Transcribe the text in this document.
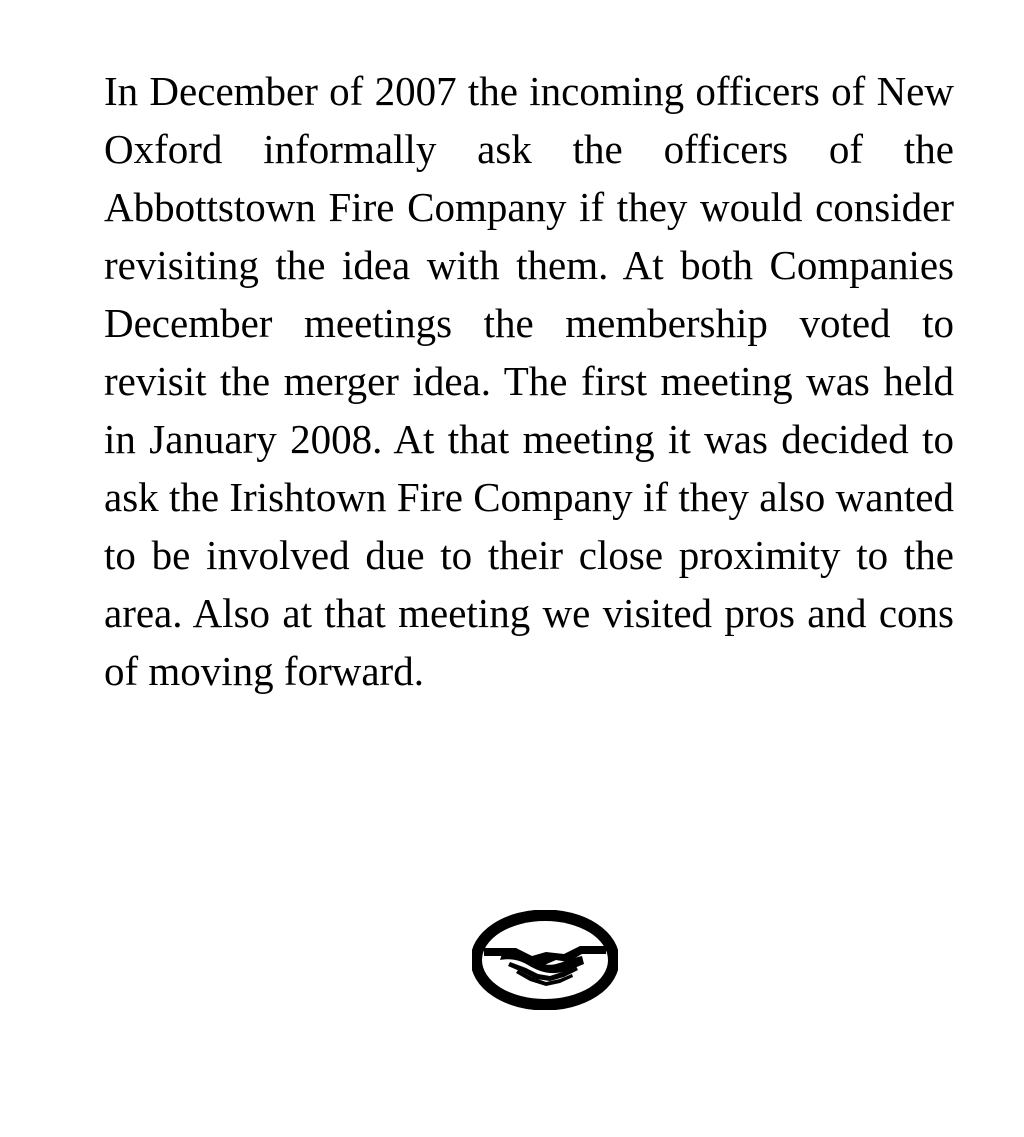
In December of 2007 the incoming officers of New Oxford informally ask the officers of the Abbottstown Fire Company if they would consider revisiting the idea with them. At both Companies December meetings the membership voted to revisit the merger idea. The first meeting was held in January 2008. At that meeting it was decided to ask the Irishtown Fire Company if they also wanted to be involved due to their close proximity to the area. Also at that meeting we visited pros and cons of moving forward.
